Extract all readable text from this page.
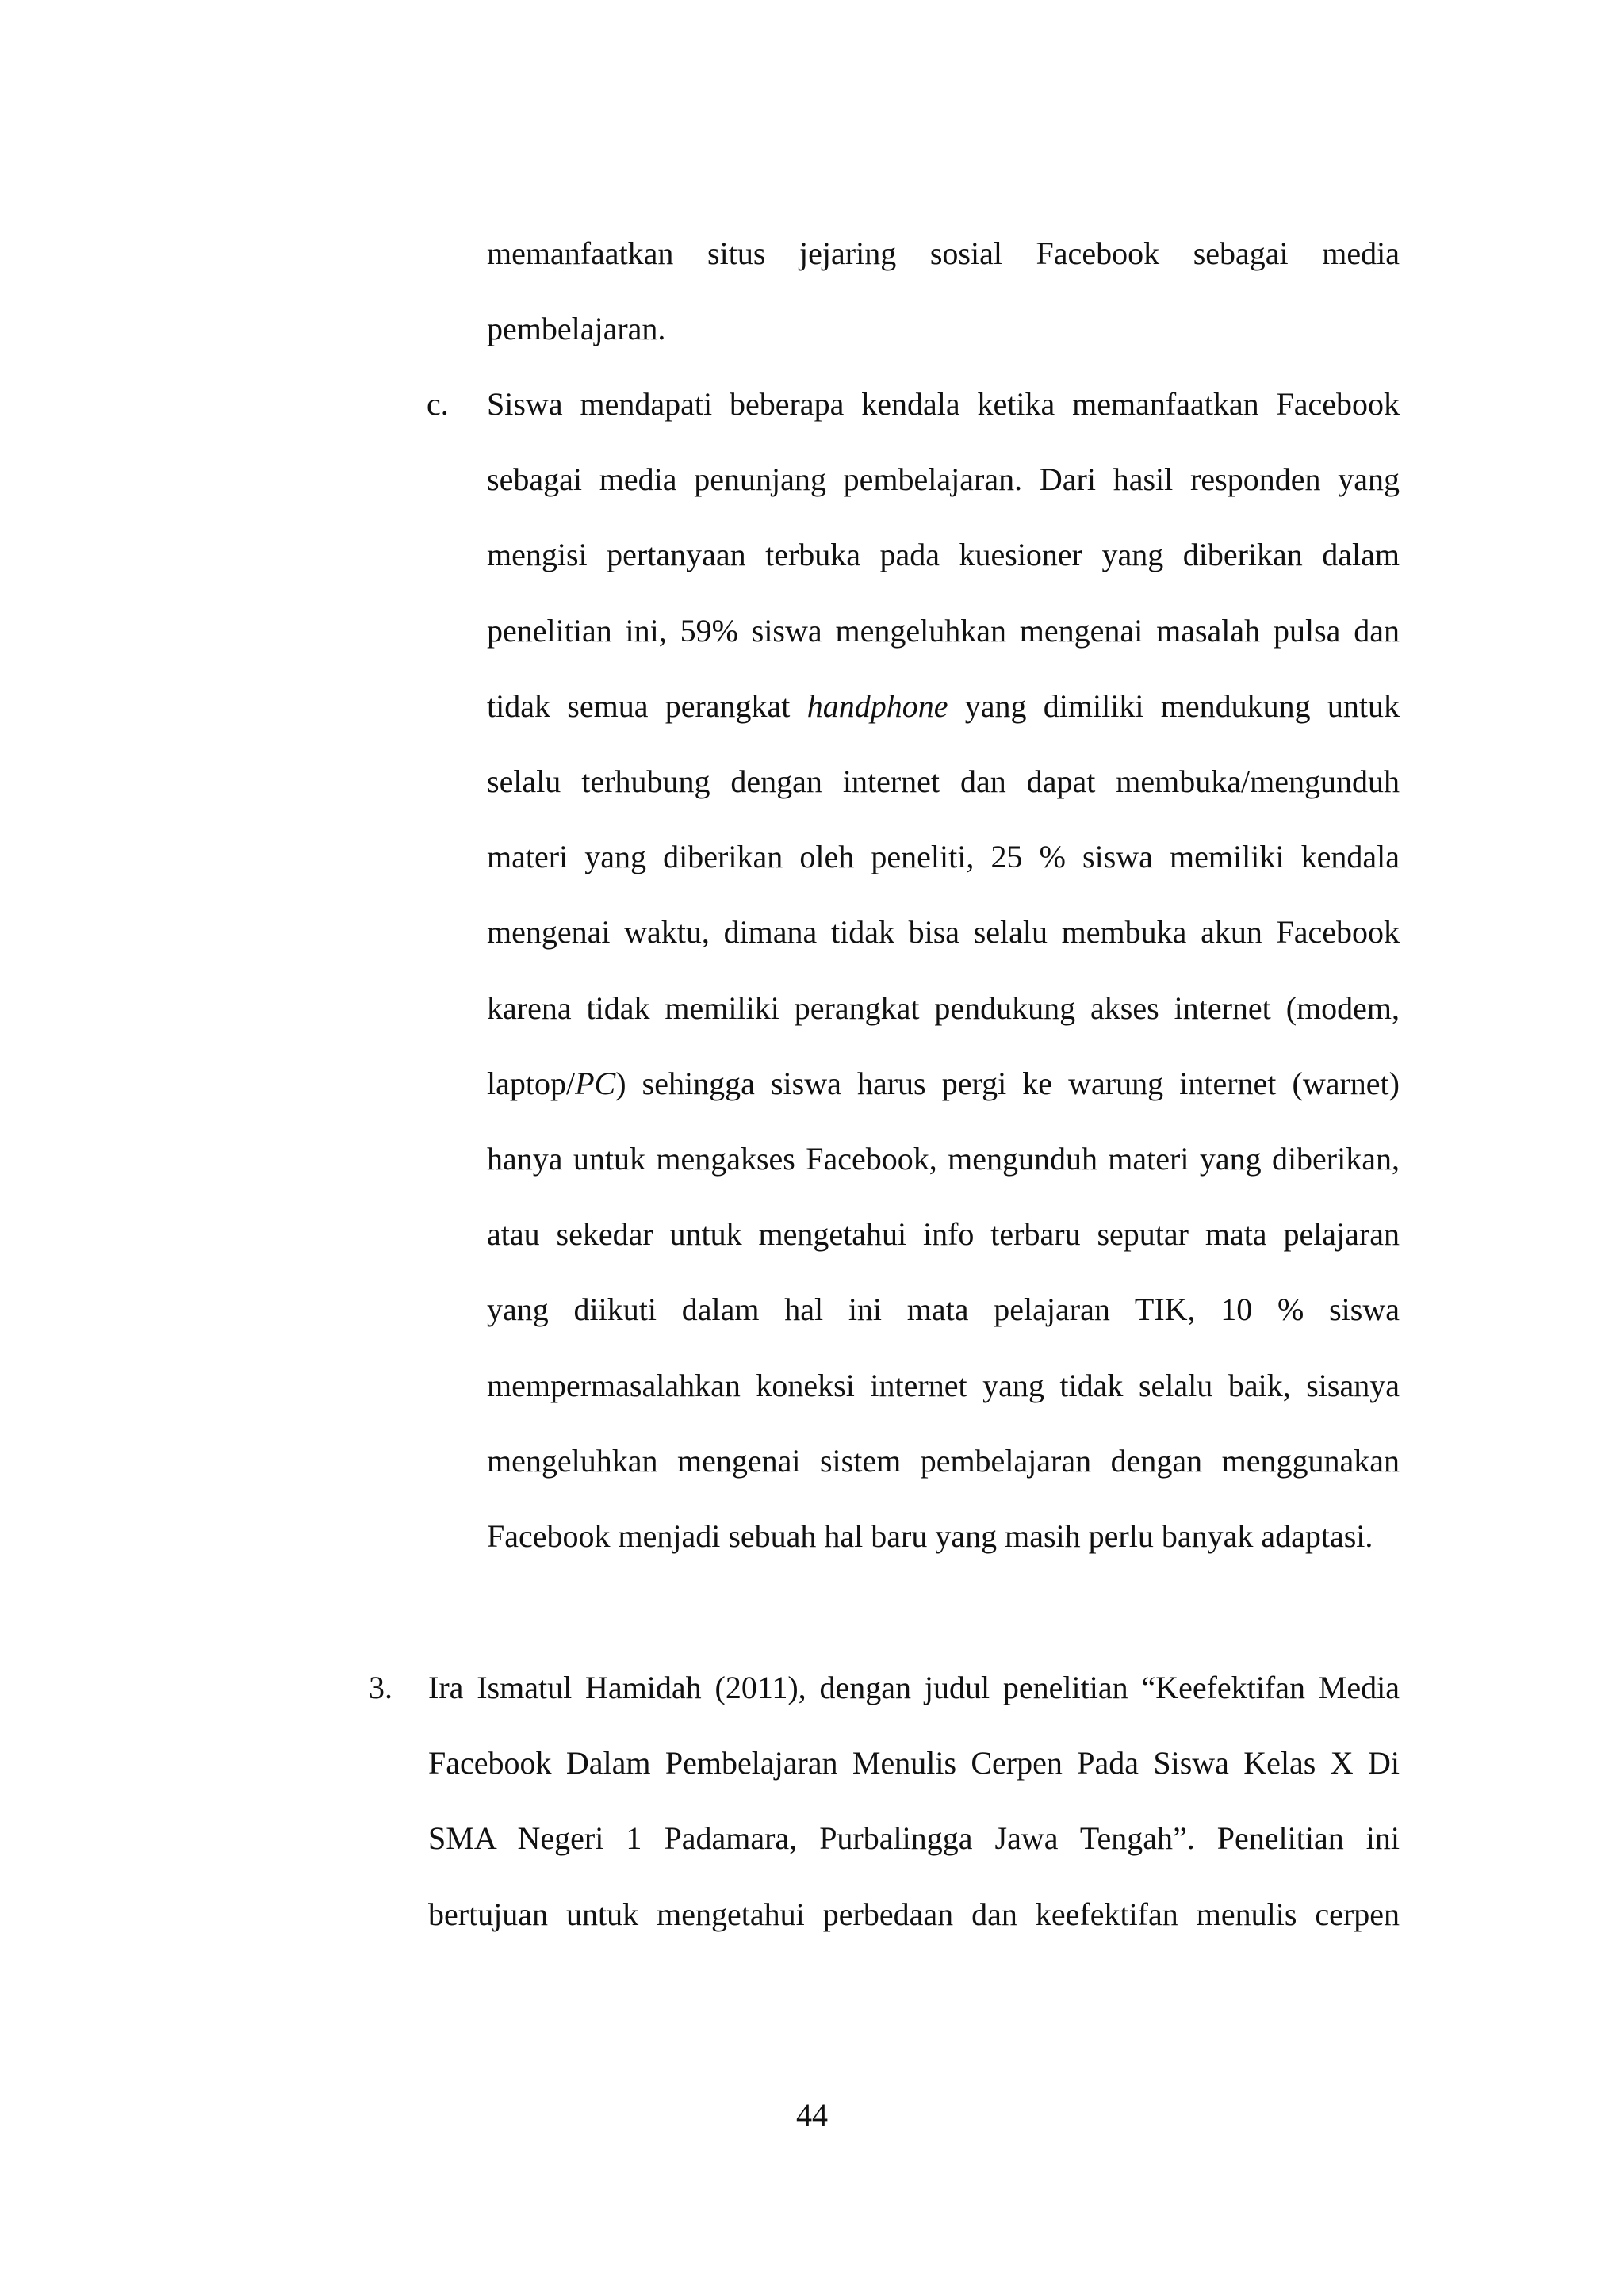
memanfaatkan situs jejaring sosial Facebook sebagai media pembelajaran.

c. Siswa mendapati beberapa kendala ketika memanfaatkan Facebook sebagai media penunjang pembelajaran. Dari hasil responden yang mengisi pertanyaan terbuka pada kuesioner yang diberikan dalam penelitian ini, 59% siswa mengeluhkan mengenai masalah pulsa dan tidak semua perangkat handphone yang dimiliki mendukung untuk selalu terhubung dengan internet dan dapat membuka/mengunduh materi yang diberikan oleh peneliti, 25 % siswa memiliki kendala mengenai waktu, dimana tidak bisa selalu membuka akun Facebook karena tidak memiliki perangkat pendukung akses internet (modem, laptop/PC) sehingga siswa harus pergi ke warung internet (warnet) hanya untuk mengakses Facebook, mengunduh materi yang diberikan, atau sekedar untuk mengetahui info terbaru seputar mata pelajaran yang diikuti dalam hal ini mata pelajaran TIK, 10 % siswa mempermasalahkan koneksi internet yang tidak selalu baik, sisanya mengeluhkan mengenai sistem pembelajaran dengan menggunakan Facebook menjadi sebuah hal baru yang masih perlu banyak adaptasi.

3. Ira Ismatul Hamidah (2011), dengan judul penelitian “Keefektifan Media Facebook Dalam Pembelajaran Menulis Cerpen Pada Siswa Kelas X Di SMA Negeri 1 Padamara, Purbalingga Jawa Tengah”. Penelitian ini bertujuan untuk mengetahui perbedaan dan keefektifan menulis cerpen

44
